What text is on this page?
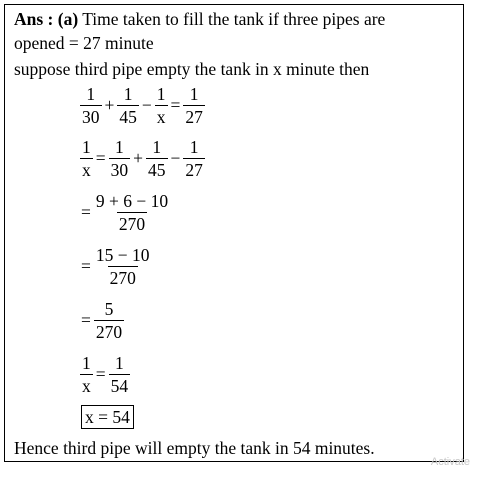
Ans : (a) Time taken to fill the tank if three pipes are
opened = 27 minute
suppose third pipe empty the tank in x minute then
$\frac{1}{30} + \frac{1}{45} - \frac{1}{x} = \frac{1}{27}$
$\frac{1}{x} = \frac{1}{30} + \frac{1}{45} - \frac{1}{27}$
= $\frac{9 + 6 - 10}{270}$
= $\frac{15 - 10}{270}$
= $\frac{5}{270}$
$\frac{1}{x} = \frac{1}{54}$
x = 54
Hence third pipe will empty the tank in 54 minutes.
Activate
